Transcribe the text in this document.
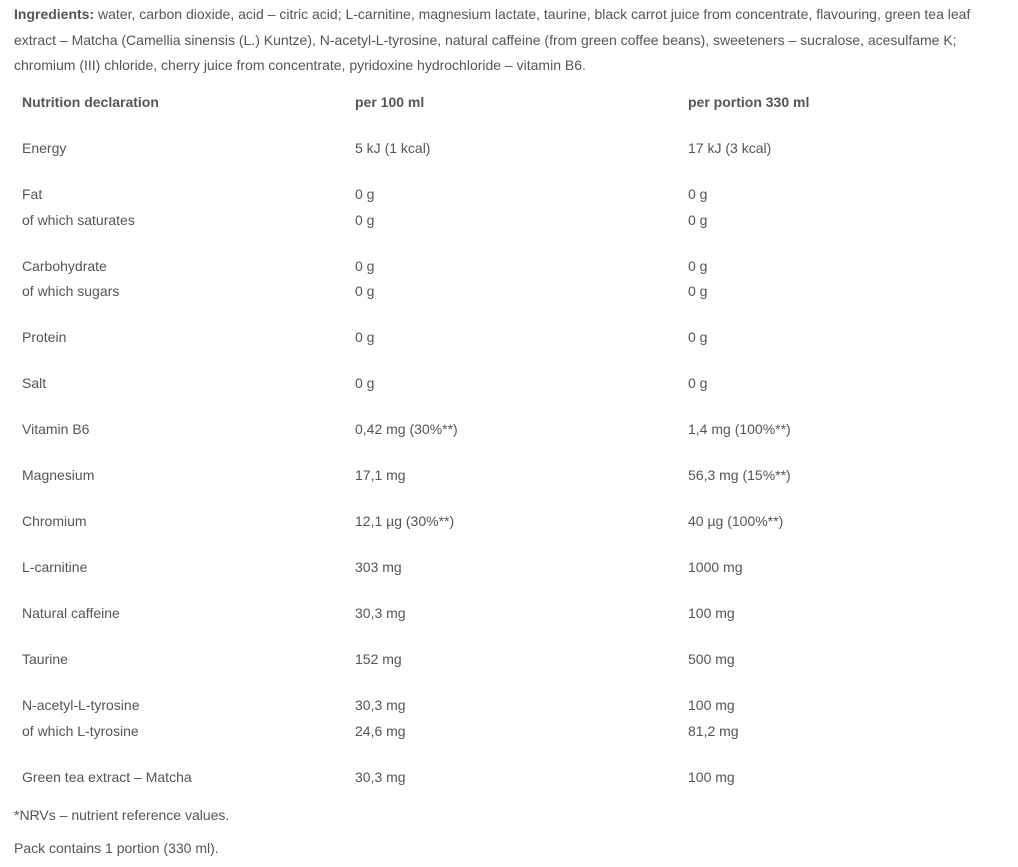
Ingredients: water, carbon dioxide, acid – citric acid; L-carnitine, magnesium lactate, taurine, black carrot juice from concentrate, flavouring, green tea leaf extract – Matcha (Camellia sinensis (L.) Kuntze), N-acetyl-L-tyrosine, natural caffeine (from green coffee beans), sweeteners – sucralose, acesulfame K; chromium (III) chloride, cherry juice from concentrate, pyridoxine hydrochloride – vitamin B6.
Nutrition declaration	per 100 ml	per portion 330 ml
Energy	5 kJ (1 kcal)	17 kJ (3 kcal)
Fat	0 g	0 g
of which saturates	0 g	0 g
Carbohydrate	0 g	0 g
of which sugars	0 g	0 g
Protein	0 g	0 g
Salt	0 g	0 g
Vitamin B6	0,42 mg (30%**)	1,4 mg (100%**)
Magnesium	17,1 mg	56,3 mg (15%**)
Chromium	12,1 µg (30%**)	40 µg (100%**)
L-carnitine	303 mg	1000 mg
Natural caffeine	30,3 mg	100 mg
Taurine	152 mg	500 mg
N-acetyl-L-tyrosine	30,3 mg	100 mg
of which L-tyrosine	24,6 mg	81,2 mg
Green tea extract – Matcha	30,3 mg	100 mg
*NRVs – nutrient reference values.
Pack contains 1 portion (330 ml).
